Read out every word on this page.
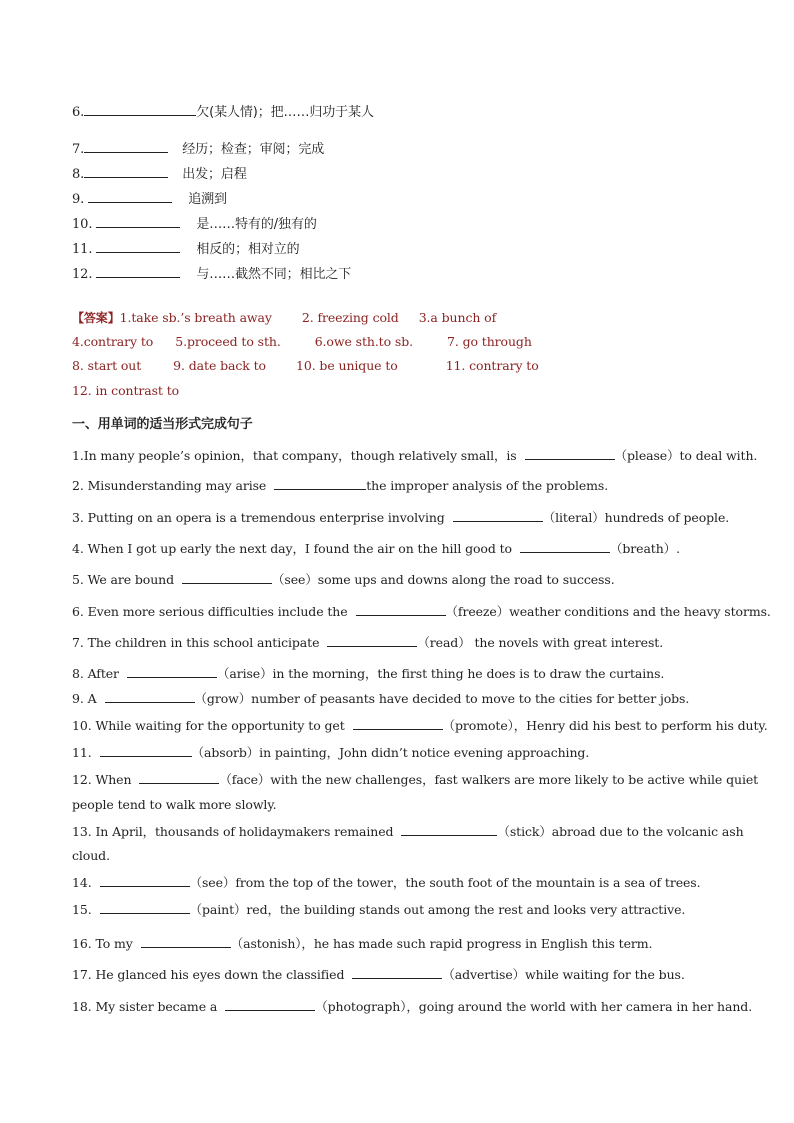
6.	欠(某人情)；把……归功于某人
7.	经历；检查；审阅；完成
8.	出发；启程
9.	追溯到
10.	是……特有的/独有的
11.	相反的；相对立的
12.	与……截然不同；相比之下
【答案】1.take sb.’s breath away 2. freezing cold 3.a bunch of
4.contrary to 5.proceed to sth.	6.owe sth.to sb.	7. go through
8. start out	9. date back to 10. be unique to	11. contrary to
12. in contrast to
一、用单词的适当形式完成句子
1.In many people’s opinion，that company，though relatively small，is	（please）to deal with.
2. Misunderstanding may arise	the improper analysis of the problems.
3. Putting on an opera is a tremendous enterprise involving	（literal）hundreds of people.
4. When I got up early the next day，I found the air on the hill good to	（breath）.
5. We are bound	（see）some ups and downs along the road to success.
6. Even more serious difficulties include the	（freeze）weather conditions and the heavy storms.
7. The children in this school anticipate	（read） the novels with great interest.
8. After	（arise）in the morning，the first thing he does is to draw the curtains.
9. A	（grow）number of peasants have decided to move to the cities for better jobs.
10. While waiting for the opportunity to get	（promote），Henry did his best to perform his duty.
11.	（absorb）in painting，John didn’t notice evening approaching.
12. When	（face）with the new challenges，fast walkers are more likely to be active while quiet
people tend to walk more slowly.
13. In April，thousands of holidaymakers remained	（stick）abroad due to the volcanic ash
cloud.
14.	（see）from the top of the tower，the south foot of the mountain is a sea of trees.
15.	（paint）red，the building stands out among the rest and looks very attractive.
16. To my	（astonish），he has made such rapid progress in English this term.
17. He glanced his eyes down the classified	（advertise）while waiting for the bus.
18. My sister became a	（photograph），going around the world with her camera in her hand.
